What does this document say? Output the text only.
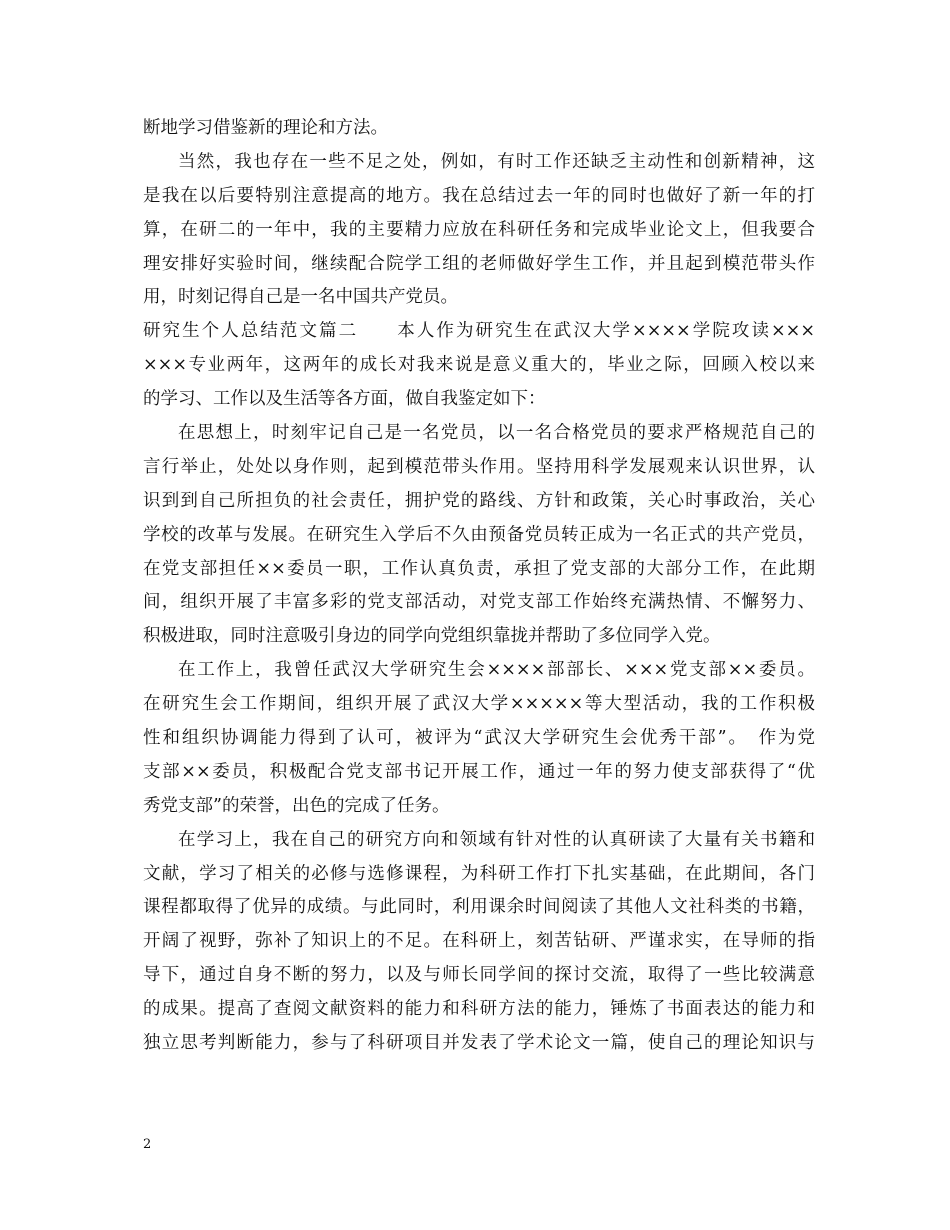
断地学习借鉴新的理论和方法。
当然，我也存在一些不足之处，例如，有时工作还缺乏主动性和创新精神，这
是我在以后要特别注意提高的地方。我在总结过去一年的同时也做好了新一年的打
算，在研二的一年中，我的主要精力应放在科研任务和完成毕业论文上，但我要合
理安排好实验时间，继续配合院学工组的老师做好学生工作，并且起到模范带头作
用，时刻记得自己是一名中国共产党员。
研究生个人总结范文篇二　　本人作为研究生在武汉大学××××学院攻读×××
×××专业两年，这两年的成长对我来说是意义重大的，毕业之际，回顾入校以来
的学习、工作以及生活等各方面，做自我鉴定如下：
在思想上，时刻牢记自己是一名党员，以一名合格党员的要求严格规范自己的
言行举止，处处以身作则，起到模范带头作用。坚持用科学发展观来认识世界，认
识到到自己所担负的社会责任，拥护党的路线、方针和政策，关心时事政治，关心
学校的改革与发展。在研究生入学后不久由预备党员转正成为一名正式的共产党员，
在党支部担任××委员一职，工作认真负责，承担了党支部的大部分工作，在此期
间，组织开展了丰富多彩的党支部活动，对党支部工作始终充满热情、不懈努力、
积极进取，同时注意吸引身边的同学向党组织靠拢并帮助了多位同学入党。
在工作上，我曾任武汉大学研究生会××××部部长、×××党支部××委员。
在研究生会工作期间，组织开展了武汉大学×××××等大型活动，我的工作积极
性和组织协调能力得到了认可，被评为“武汉大学研究生会优秀干部”。　作为党
支部××委员，积极配合党支部书记开展工作，通过一年的努力使支部获得了“优
秀党支部”的荣誉，出色的完成了任务。
在学习上，我在自己的研究方向和领域有针对性的认真研读了大量有关书籍和
文献，学习了相关的必修与选修课程，为科研工作打下扎实基础，在此期间，各门
课程都取得了优异的成绩。与此同时，利用课余时间阅读了其他人文社科类的书籍，
开阔了视野，弥补了知识上的不足。在科研上，刻苦钻研、严谨求实，在导师的指
导下，通过自身不断的努力，以及与师长同学间的探讨交流，取得了一些比较满意
的成果。提高了查阅文献资料的能力和科研方法的能力，锤炼了书面表达的能力和
独立思考判断能力，参与了科研项目并发表了学术论文一篇，使自己的理论知识与
2
